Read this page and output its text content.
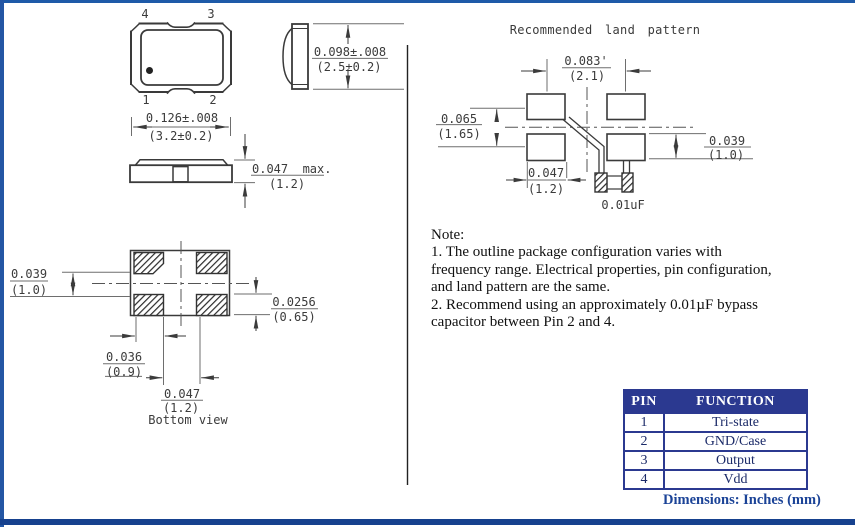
4	3
1	2
0.126±.008
(3.2±0.2)
0.098±.008
(2.5±0.2)
0.047  max.
(1.2)
0.039
(1.0)
0.0256
(0.65)
0.036
(0.9)
0.047
(1.2)
Bottom view
Recommended land pattern
0.083'
(2.1)
0.065
(1.65)	0.039
(1.0)
0.047
(1.2)
0.01uF
Note:
1. The outline package configuration varies with
frequency range. Electrical properties, pin configuration,
and land pattern are the same.
2. Recommend using an approximately 0.01µF bypass
capacitor between Pin 2 and 4.
PIN	FUNCTION
1	Tri-state
2	GND/Case
3	Output
4	Vdd
Dimensions: Inches (mm)
